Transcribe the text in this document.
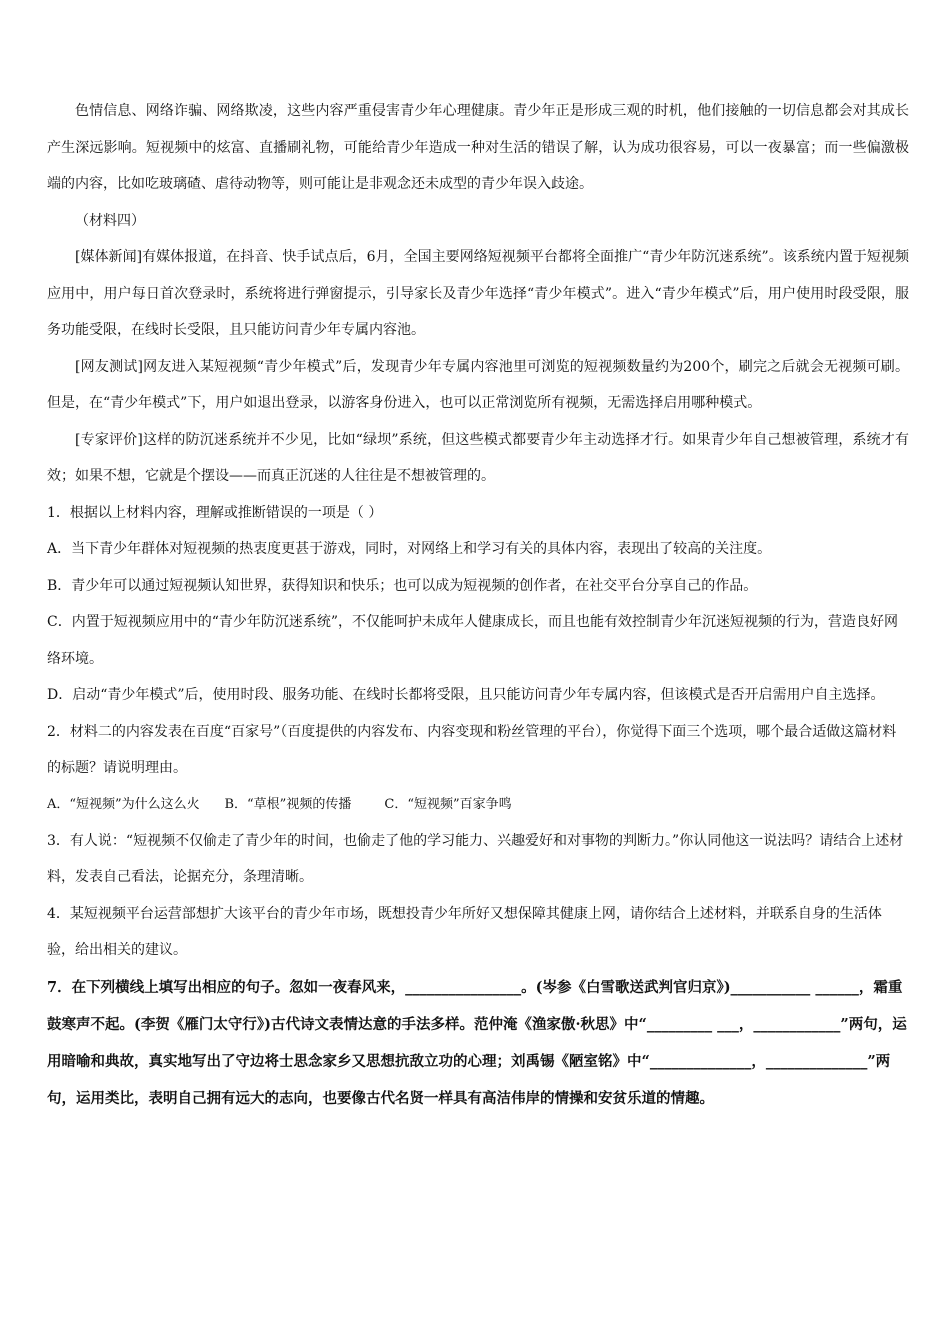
色情信息、网络诈骗、网络欺凌，这些内容严重侵害青少年心理健康。青少年正是形成三观的时机，他们接触的一切信息都会对其成长产生深远影响。短视频中的炫富、直播刷礼物，可能给青少年造成一种对生活的错误了解，认为成功很容易，可以一夜暴富；而一些偏激极端的内容，比如吃玻璃碴、虐待动物等，则可能让是非观念还未成型的青少年误入歧途。

（材料四）

[媒体新闻]有媒体报道，在抖音、快手试点后，6月，全国主要网络短视频平台都将全面推广“青少年防沉迷系统”。该系统内置于短视频应用中，用户每日首次登录时，系统将进行弹窗提示，引导家长及青少年选择“青少年模式”。进入“青少年模式”后，用户使用时段受限，服务功能受限，在线时长受限，且只能访问青少年专属内容池。

[网友测试]网友进入某短视频“青少年模式”后，发现青少年专属内容池里可浏览的短视频数量约为200个，刷完之后就会无视频可刷。但是，在“青少年模式”下，用户如退出登录，以游客身份进入，也可以正常浏览所有视频，无需选择启用哪种模式。

[专家评价]这样的防沉迷系统并不少见，比如“绿坝”系统，但这些模式都要青少年主动选择才行。如果青少年自己想被管理，系统才有效；如果不想，它就是个摆设——而真正沉迷的人往往是不想被管理的。

1．根据以上材料内容，理解或推断错误的一项是（ ）

A．当下青少年群体对短视频的热衷度更甚于游戏，同时，对网络上和学习有关的具体内容，表现出了较高的关注度。

B．青少年可以通过短视频认知世界，获得知识和快乐；也可以成为短视频的创作者，在社交平台分享自己的作品。

C．内置于短视频应用中的“青少年防沉迷系统”，不仅能呵护未成年人健康成长，而且也能有效控制青少年沉迷短视频的行为，营造良好网络环境。

D．启动“青少年模式”后，使用时段、服务功能、在线时长都将受限，且只能访问青少年专属内容，但该模式是否开启需用户自主选择。

2．材料二的内容发表在百度“百家号”（百度提供的内容发布、内容变现和粉丝管理的平台），你觉得下面三个选项，哪个最合适做这篇材料的标题？请说明理由。

A．“短视频”为什么这么火      B．“草根”视频的传播        C．“短视频”百家争鸣

3．有人说：“短视频不仅偷走了青少年的时间，也偷走了他的学习能力、兴趣爱好和对事物的判断力。”你认同他这一说法吗？请结合上述材料，发表自己看法，论据充分，条理清晰。

4．某短视频平台运营部想扩大该平台的青少年市场，既想投青少年所好又想保障其健康上网，请你结合上述材料，并联系自身的生活体验，给出相关的建议。

7．在下列横线上填写出相应的句子。忽如一夜春风来，________________。(岑参《白雪歌送武判官归京》)___________ ______，霜重鼓寒声不起。(李贺《雁门太守行》)古代诗文表情达意的手法多样。范仲淹《渔家傲·秋思》中“_________ ___，____________”两句，运用暗喻和典故，真实地写出了守边将士思念家乡又思想抗敌立功的心理；刘禹锡《陋室铭》中“______________，______________”两句，运用类比，表明自己拥有远大的志向，也要像古代名贤一样具有高洁伟岸的情操和安贫乐道的情趣。
